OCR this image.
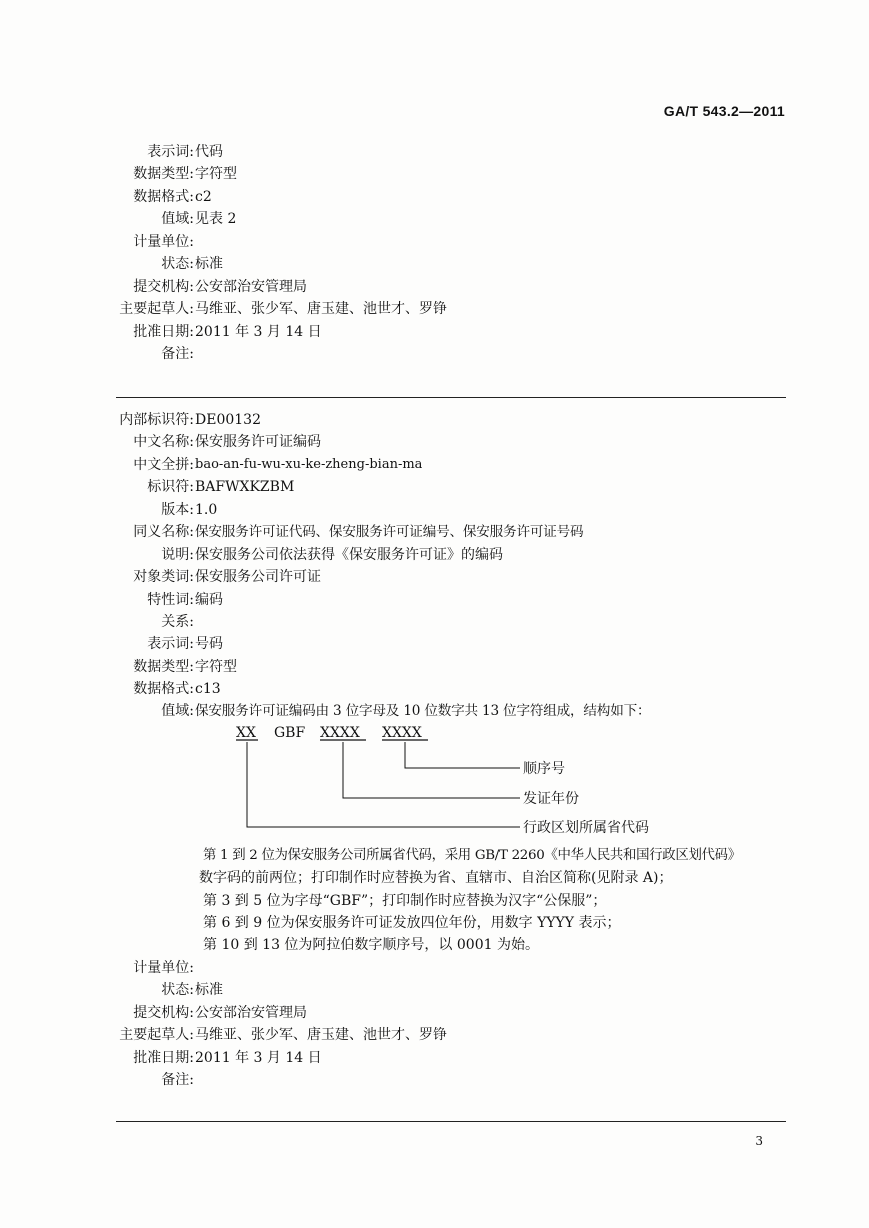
GA/T 543.2—2011
表示词: 代码
数据类型: 字符型
数据格式: c2
值域: 见表 2
计量单位:
状态: 标准
提交机构: 公安部治安管理局
主要起草人: 马维亚、张少军、唐玉建、池世才、罗铮
批准日期: 2011 年 3 月 14 日
备注:
内部标识符: DE00132
中文名称: 保安服务许可证编码
中文全拼: bao-an-fu-wu-xu-ke-zheng-bian-ma
标识符: BAFWXKZBM
版本: 1.0
同义名称: 保安服务许可证代码、保安服务许可证编号、保安服务许可证号码
说明: 保安服务公司依法获得《保安服务许可证》的编码
对象类词: 保安服务公司许可证
特性词: 编码
关系:
表示词: 号码
数据类型: 字符型
数据格式: c13
值域: 保安服务许可证编码由 3 位字母及 10 位数字共 13 位字符组成，结构如下：
XX GBF XXXX XXXX
顺序号
发证年份
行政区划所属省代码
第 1 到 2 位为保安服务公司所属省代码，采用 GB/T 2260《中华人民共和国行政区划代码》
数字码的前两位；打印制作时应替换为省、直辖市、自治区简称(见附录 A)；
第 3 到 5 位为字母“GBF”；打印制作时应替换为汉字“公保服”；
第 6 到 9 位为保安服务许可证发放四位年份，用数字 YYYY 表示；
第 10 到 13 位为阿拉伯数字顺序号，以 0001 为始。
计量单位:
状态: 标准
提交机构: 公安部治安管理局
主要起草人: 马维亚、张少军、唐玉建、池世才、罗铮
批准日期: 2011 年 3 月 14 日
备注:
3
